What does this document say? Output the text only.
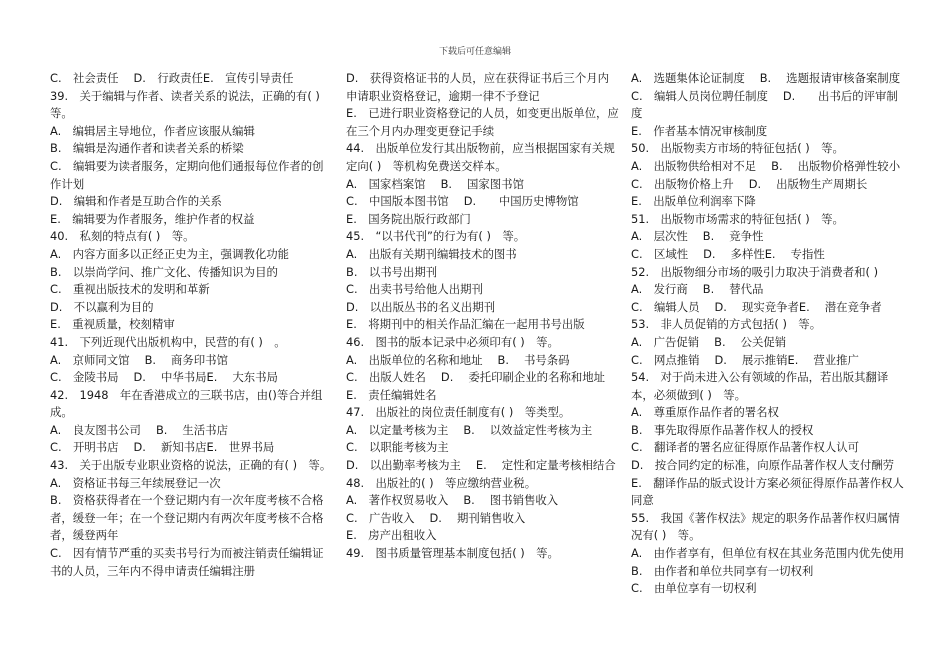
下载后可任意编辑
C.　社会责任　 D.　行政责任E.　宣传引导责任
39.　关于编辑与作者、读者关系的说法，正确的有( )　等。
A.　编辑居主导地位，作者应该服从编辑
B.　编辑是沟通作者和读者关系的桥梁
C.　编辑要为读者服务，定期向他们通报每位作者的创作计划
D.　编辑和作者是互助合作的关系
E.　编辑要为作者服务，维护作者的权益
40.　私刻的特点有( )　等。
A.　内容方面多以正经正史为主，强调教化功能
B.　以崇尚学问、推广文化、传播知识为目的
C.　重视出版技术的发明和革新
D.　不以赢利为目的
E.　重视质量，校刻精审
41.　下列近现代出版机构中，民营的有( )　。
A.　京师同文馆　 B.　 商务印书馆
C.　金陵书局　 D.　 中华书局E.　 大东书局
42.　1948　年在香港成立的三联书店，由()等合并组成。
A.　良友图书公司　 B.　 生活书店
C.　开明书店　 D.　 新知书店E.　世界书局
43.　关于出版专业职业资格的说法，正确的有( )　等。
A.　资格证书每三年续展登记一次
B.　资格获得者在一个登记期内有一次年度考核不合格者，缓登一年；在一个登记期内有两次年度考核不合格者，缓登两年
C.　因有情节严重的买卖书号行为而被注销责任编辑证书的人员，三年内不得申请责任编辑注册
D.　获得资格证书的人员，应在获得证书后三个月内申请职业资格登记，逾期一律不予登记
E.　已进行职业资格登记的人员，如变更出版单位，应在三个月内办理变更登记手续
44.　出版单位发行其出版物前，应当根据国家有关规定向( )　等机构免费送交样本。
A.　国家档案馆　 B.　 国家图书馆
C.　中国版本图书馆　 D.　　中国历史博物馆
E.　国务院出版行政部门
45.　“以书代刊”的行为有( )　等。
A.　出版有关期刊编辑技术的图书
B.　以书号出期刊
C.　出卖书号给他人出期刊
D.　以出版丛书的名义出期刊
E.　将期刊中的相关作品汇编在一起用书号出版
46.　图书的版本记录中必须印有( )　等。
A.　出版单位的名称和地址　 B.　 书号条码
C.　出版人姓名　 D.　 委托印刷企业的名称和地址
E.　责任编辑姓名
47.　出版社的岗位责任制度有( )　等类型。
A.　以定量考核为主　 B.　 以效益定性考核为主
C.　以职能考核为主
D.　以出勤率考核为主　 E.　 定性和定量考核相结合
48.　出版社的( )　等应缴纳营业税。
A.　著作权贸易收入　 B.　 图书销售收入
C.　广告收入　 D.　 期刊销售收入
E.　房产出租收入
49.　图书质量管理基本制度包括( )　等。
A.　选题集体论证制度　 B.　 选题报请审核备案制度
C.　编辑人员岗位聘任制度　 D.　　出书后的评审制度
E.　作者基本情况审核制度
50.　出版物卖方市场的特征包括( )　等。
A.　出版物供给相对不足　 B.　 出版物价格弹性较小
C.　出版物价格上升　 D.　 出版物生产周期长
E.　出版单位利润率下降
51.　出版物市场需求的特征包括( )　等。
A.　层次性　 B.　 竞争性
C.　区域性　 D.　 多样性E.　 专指性
52.　出版物细分市场的吸引力取决于消费者和( )
A.　发行商　 B.　 替代品
C.　编辑人员　 D.　 现实竞争者E.　 潜在竞争者
53.　非人员促销的方式包括( )　等。
A.　广告促销　 B.　 公关促销
C.　网点推销　 D.　 展示推销E.　 营业推广
54.　对于尚未进入公有领域的作品，若出版其翻译本，必须做到( )　等。
A.　尊重原作品作者的署名权
B.　事先取得原作品著作权人的授权
C.　翻译者的署名应征得原作品著作权人认可
D.　按合同约定的标准，向原作品著作权人支付酬劳
E.　翻译作品的版式设计方案必须征得原作品著作权人同意
55.　我国《著作权法》规定的职务作品著作权归属情况有( )　等。
A.　由作者享有，但单位有权在其业务范围内优先使用
B.　由作者和单位共同享有一切权利
C.　由单位享有一切权利
